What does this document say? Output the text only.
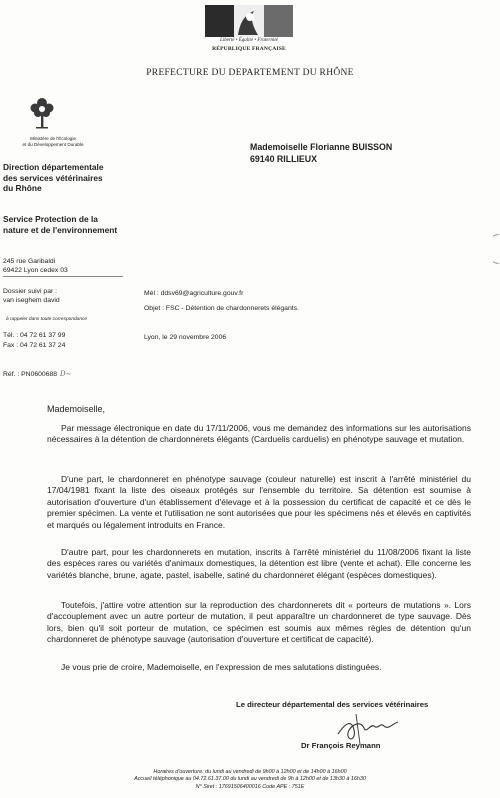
Liberté • Égalité • Fraternité
RÉPUBLIQUE FRANÇAISE
PREFECTURE DU DEPARTEMENT DU RHÔNE
Ministère de l'Écologie
et du Développement Durable
Direction départementale
des services vétérinaires
du Rhône
Service Protection de la
nature et de l'environnement
245 rue Garibaldi
69422 Lyon cedex 03
Dossier suivi par :
van iseghem david
à rappeler dans toute correspondance
Tél. : 04 72 61 37 99
Fax : 04 72 61 37 24
Réf. : PN0600688 D∼
Mademoiselle Florianne BUISSON
69140 RILLIEUX
Mél : ddsv69@agriculture.gouv.fr
Objet : FSC - Détention de chardonnerets élégants.
Lyon, le 29 novembre 2006
Mademoiselle,

Par message électronique en date du 17/11/2006, vous me demandez des informations sur les autorisations nécessaires à la détention de chardonnerets élégants (Carduelis carduelis) en phénotype sauvage et mutation.

D'une part, le chardonneret en phénotype sauvage (couleur naturelle) est inscrit à l'arrêté ministériel du 17/04/1981 fixant la liste des oiseaux protégés sur l'ensemble du territoire. Sa détention est soumise à autorisation d'ouverture d'un établissement d'élevage et à la possession du certificat de capacité et ce dès le premier spécimen. La vente et l'utilisation ne sont autorisées que pour les spécimens nés et élevés en captivités et marqués ou légalement introduits en France.

D'autre part, pour les chardonnerets en mutation, inscrits à l'arrêté ministériel du 11/08/2006 fixant la liste des espèces rares ou variétés d'animaux domestiques, la détention est libre (vente et achat). Elle concerne les variétés blanche, brune, agate, pastel, isabelle, satiné du chardonneret élégant (espèces domestiques).

Toutefois, j'attire votre attention sur la reproduction des chardonnerets dit « porteurs de mutations ». Lors d'accouplement avec un autre porteur de mutation, il peut apparaître un chardonneret de type sauvage. Dès lors, bien qu'il soit porteur de mutation, ce spécimen est soumis aux mêmes règles de détention qu'un chardonneret de phénotype sauvage (autorisation d'ouverture et certificat de capacité).

Je vous prie de croire, Mademoiselle, en l'expression de mes salutations distinguées.

Le directeur départemental des services vétérinaires
Dr François Reymann
Horaires d'ouverture: du lundi au vendredi de 9h00 à 12h00 et de 14h00 à 16h00
Accueil téléphonique au 04.72.61.37.00 du lundi au vendredi de 9h à 12h00 et de 13h30 à 16h30
N° Siret : 17691506400016 Code APE : 751E
